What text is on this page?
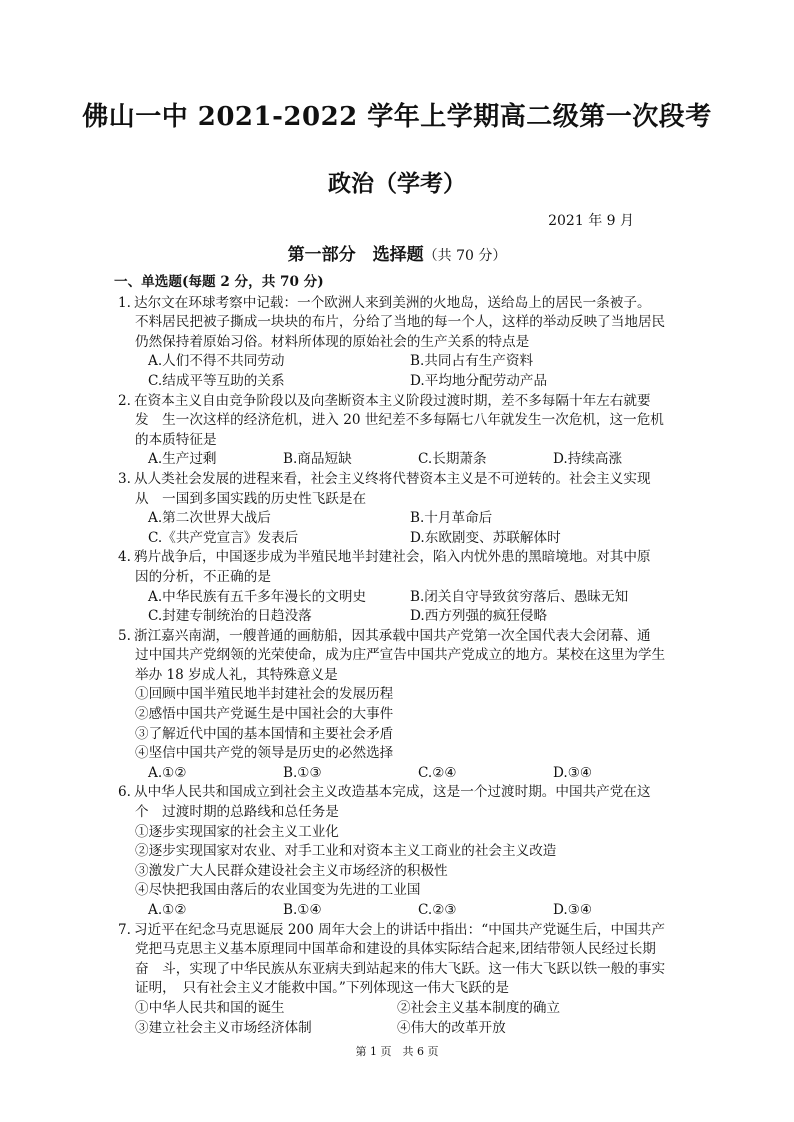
佛山一中 2021-2022 学年上学期高二级第一次段考
政治（学考）
2021 年 9 月
第一部分　选择题（共 70 分）
一、单选题(每题 2 分，共 70 分)
1. 达尔文在环球考察中记载：一个欧洲人来到美洲的火地岛，送给岛上的居民一条被子。
不料居民把被子撕成一块块的布片，分给了当地的每一个人，这样的举动反映了当地居民
仍然保持着原始习俗。材料所体现的原始社会的生产关系的特点是
A.人们不得不共同劳动	B.共同占有生产资料
C.结成平等互助的关系	D.平均地分配劳动产品
2. 在资本主义自由竞争阶段以及向垄断资本主义阶段过渡时期，差不多每隔十年左右就要
发　生一次这样的经济危机，进入 20 世纪差不多每隔七八年就发生一次危机，这一危机
的本质特征是
A.生产过剩	B.商品短缺	C.长期萧条	D.持续高涨
3. 从人类社会发展的进程来看，社会主义终将代替资本主义是不可逆转的。社会主义实现
从　一国到多国实践的历史性飞跃是在
A.第二次世界大战后	B.十月革命后
C.《共产党宣言》发表后	D.东欧剧变、苏联解体时
4. 鸦片战争后，中国逐步成为半殖民地半封建社会，陷入内忧外患的黑暗境地。对其中原
因的分析，不正确的是
A.中华民族有五千多年漫长的文明史	B.闭关自守导致贫穷落后、愚昧无知
C.封建专制统治的日趋没落	D.西方列强的疯狂侵略
5. 浙江嘉兴南湖，一艘普通的画舫船，因其承载中国共产党第一次全国代表大会闭幕、通
过中国共产党纲领的光荣使命，成为庄严宣告中国共产党成立的地方。某校在这里为学生
举办 18 岁成人礼，其特殊意义是
①回顾中国半殖民地半封建社会的发展历程
②感悟中国共产党诞生是中国社会的大事件
③了解近代中国的基本国情和主要社会矛盾
④坚信中国共产党的领导是历史的必然选择
A.①②	B.①③	C.②④	D.③④
6. 从中华人民共和国成立到社会主义改造基本完成，这是一个过渡时期。中国共产党在这
个　过渡时期的总路线和总任务是
①逐步实现国家的社会主义工业化
②逐步实现国家对农业、对手工业和对资本主义工商业的社会主义改造
③激发广大人民群众建设社会主义市场经济的积极性
④尽快把我国由落后的农业国变为先进的工业国
A.①②	B.①④	C.②③	D.③④
7. 习近平在纪念马克思诞辰 200 周年大会上的讲话中指出：“中国共产党诞生后，中国共产
党把马克思主义基本原理同中国革命和建设的具体实际结合起来,团结带领人民经过长期
奋　斗，实现了中华民族从东亚病夫到站起来的伟大飞跃。这一伟大飞跃以铁一般的事实
证明，　只有社会主义才能救中国。”下列体现这一伟大飞跃的是
①中华人民共和国的诞生	②社会主义基本制度的确立
③建立社会主义市场经济体制	④伟大的改革开放
第 1 页　共 6 页
